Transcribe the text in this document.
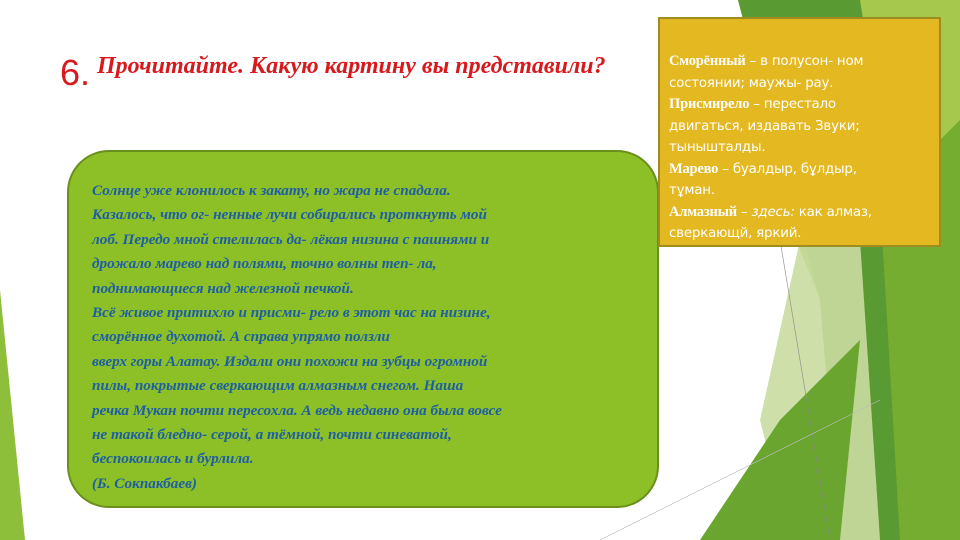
6. Прочитайте. Какую картину вы представили?

Солнце уже клонилось к закату, но жара не спадала.

Казалось, что ог- ненные лучи собирались проткнуть мой

лоб. Передо мной стелилась да- лёкая низина с пашнями и

дрожало марево над полями, точно волны теп- ла,

поднимающиеся над железной печкой.

Всё живое притихло и присми- рело в этот час на низине,

сморённое духотой. А справа упрямо ползли

вверх горы Алатау. Издали они похожи на зубцы огромной

пилы, покрытые сверкающим алмазным снегом. Наша

речка Мукан почти пересохла. А ведь недавно она была вовсе

не такой бледно- серой, а тёмной, почти синеватой,

беспокоилась и бурлила.

(Б. Сокпакбаев)

Сморённый – в полусон- ном

состоянии; маужы- рау.

Присмирело – перестало

двигаться, издавать Звуки;

тынышталды.

Марево – буалдыр, бұлдыр,

тұман.

Алмазный – здесь: как алмаз,

сверкающй, яркий.
